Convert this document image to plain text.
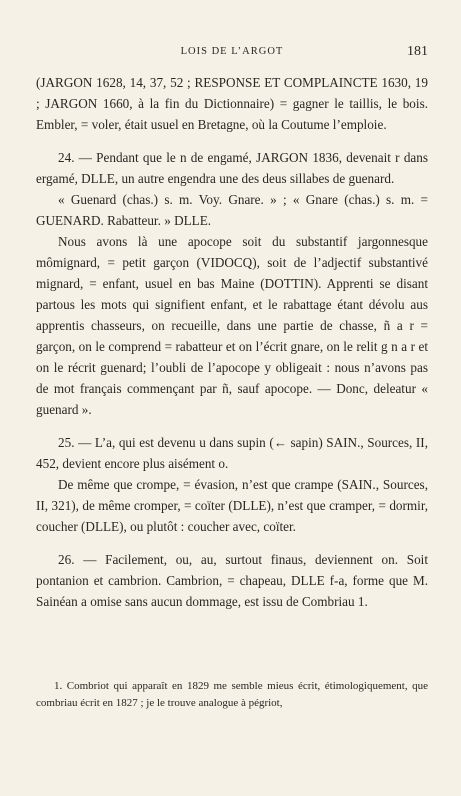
LOIS DE L’ARGOT	181

(JARGON 1628, 14, 37, 52 ; RESPONSE ET COMPLAINCTE 1630, 19 ; JARGON 1660, à la fin du Dictionnaire) = gagner le taillis, le bois. Embler, = voler, était usuel en Bretagne, où la Coutume l’emploie.

24. — Pendant que le n de engamé, JARGON 1836, devenait r dans ergamé, DLLE, un autre engendra une des deus sillabes de guenard.

« Guenard (chas.) s. m. Voy. Gnare. » ; « Gnare (chas.) s. m. = GUENARD. Rabatteur. » DLLE.

Nous avons là une apocope soit du substantif jargonnesque mômignard, = petit garçon (VIDOCQ), soit de l’adjectif substantivé mignard, = enfant, usuel en bas Maine (DOTTIN). Apprenti se disant partous les mots qui signifient enfant, et le rabattage étant dévolu aus apprentis chasseurs, on recueille, dans une partie de chasse, ñ a r = garçon, on le comprend = rabatteur et on l’écrit gnare, on le relit g n a r et on le récrit guenard; l’oubli de l’apocope y obligeait : nous n’avons pas de mot français commençant par ñ, sauf apocope. — Donc, deleatur « guenard ».

25. — L’a, qui est devenu u dans supin (← sapin) SAIN., Sources, II, 452, devient encore plus aisément o.

De même que crompe, = évasion, n’est que crampe (SAIN., Sources, II, 321), de même cromper, = coïter (DLLE), n’est que cramper, = dormir, coucher (DLLE), ou plutôt : coucher avec, coïter.

26. — Facilement, ou, au, surtout finaus, deviennent on. Soit pontanion et cambrion. Cambrion, = chapeau, DLLE f-a, forme que M. Sainéan a omise sans aucun dommage, est issu de Combriau 1.

1. Combriot qui apparaît en 1829 me semble mieus écrit, étimologiquement, que combriau écrit en 1827 ; je le trouve analogue à pégriot,
